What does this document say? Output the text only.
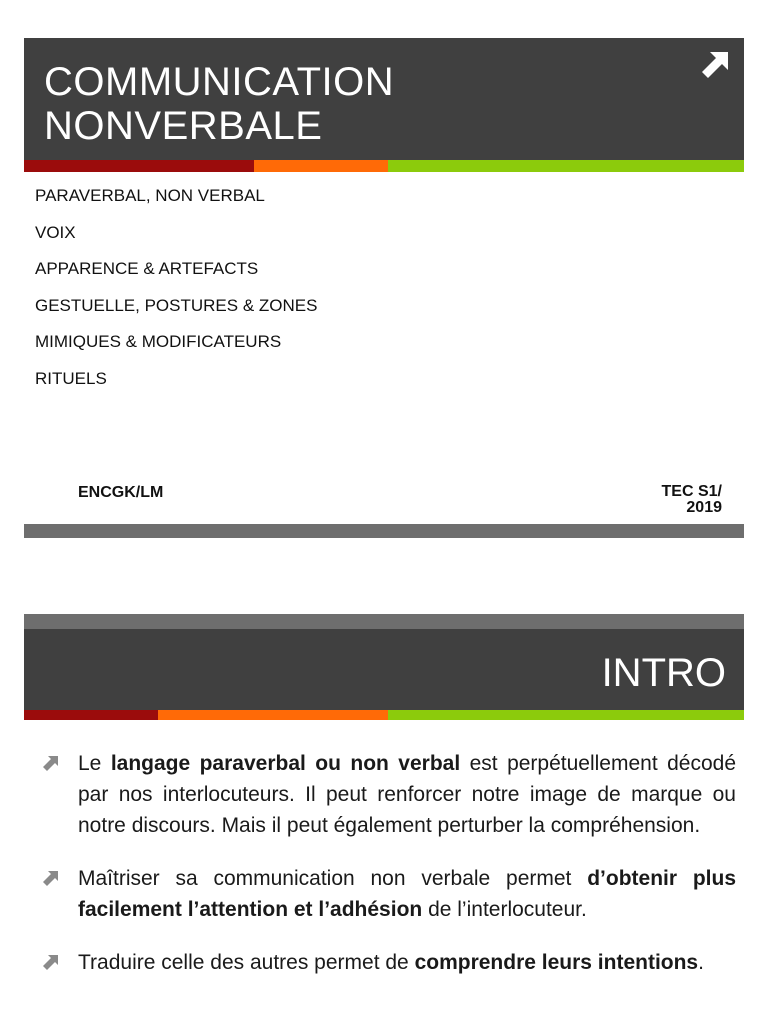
COMMUNICATION
NONVERBALE
PARAVERBAL, NON VERBAL
VOIX
APPARENCE & ARTEFACTS
GESTUELLE, POSTURES & ZONES
MIMIQUES & MODIFICATEURS
RITUELS
ENCGK/LM	TEC S1/
2019
INTRO
Le langage paraverbal ou non verbal est perpétuellement décodé par nos interlocuteurs. Il peut renforcer notre image de marque ou notre discours. Mais il peut également perturber la compréhension.
Maîtriser sa communication non verbale permet d’obtenir plus facilement l’attention et l’adhésion de l’interlocuteur.
Traduire celle des autres permet de comprendre leurs intentions.
